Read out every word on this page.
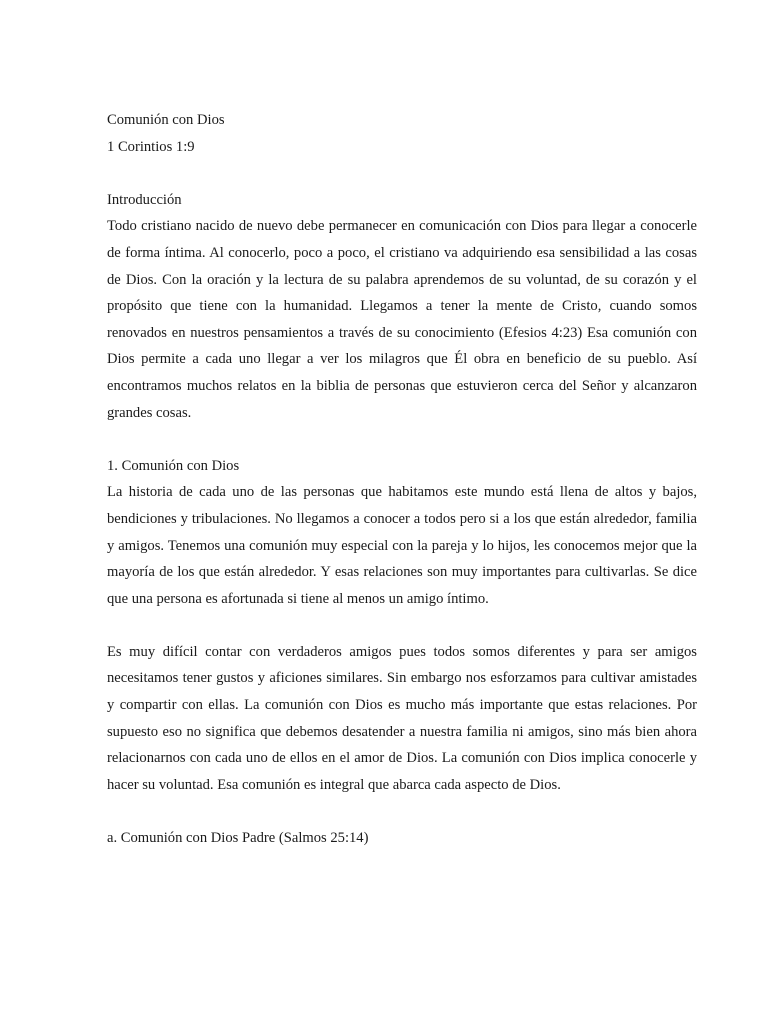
Comunión con Dios
1 Corintios 1:9
Introducción

Todo cristiano nacido de nuevo debe permanecer en comunicación con Dios para llegar a conocerle de forma íntima. Al conocerlo, poco a poco, el cristiano va adquiriendo esa sensibilidad a las cosas de Dios. Con la oración y la lectura de su palabra aprendemos de su voluntad, de su corazón y el propósito que tiene con la humanidad. Llegamos a tener la mente de Cristo, cuando somos renovados en nuestros pensamientos a través de su conocimiento (Efesios 4:23) Esa comunión con Dios permite a cada uno llegar a ver los milagros que Él obra en beneficio de su pueblo. Así encontramos muchos relatos en la biblia de personas que estuvieron cerca del Señor y alcanzaron grandes cosas.

1. Comunión con Dios

La historia de cada uno de las personas que habitamos este mundo está llena de altos y bajos, bendiciones y tribulaciones. No llegamos a conocer a todos pero si a los que están alrededor, familia y amigos. Tenemos una comunión muy especial con la pareja y lo hijos, les conocemos mejor que la mayoría de los que están alrededor. Y esas relaciones son muy importantes para cultivarlas. Se dice que una persona es afortunada si tiene al menos un amigo íntimo.

Es muy difícil contar con verdaderos amigos pues todos somos diferentes y para ser amigos necesitamos tener gustos y aficiones similares. Sin embargo nos esforzamos para cultivar amistades y compartir con ellas. La comunión con Dios es mucho más importante que estas relaciones. Por supuesto eso no significa que debemos desatender a nuestra familia ni amigos, sino más bien ahora relacionarnos con cada uno de ellos en el amor de Dios. La comunión con Dios implica conocerle y hacer su voluntad. Esa comunión es integral que abarca cada aspecto de Dios.

a. Comunión con Dios Padre (Salmos 25:14)
